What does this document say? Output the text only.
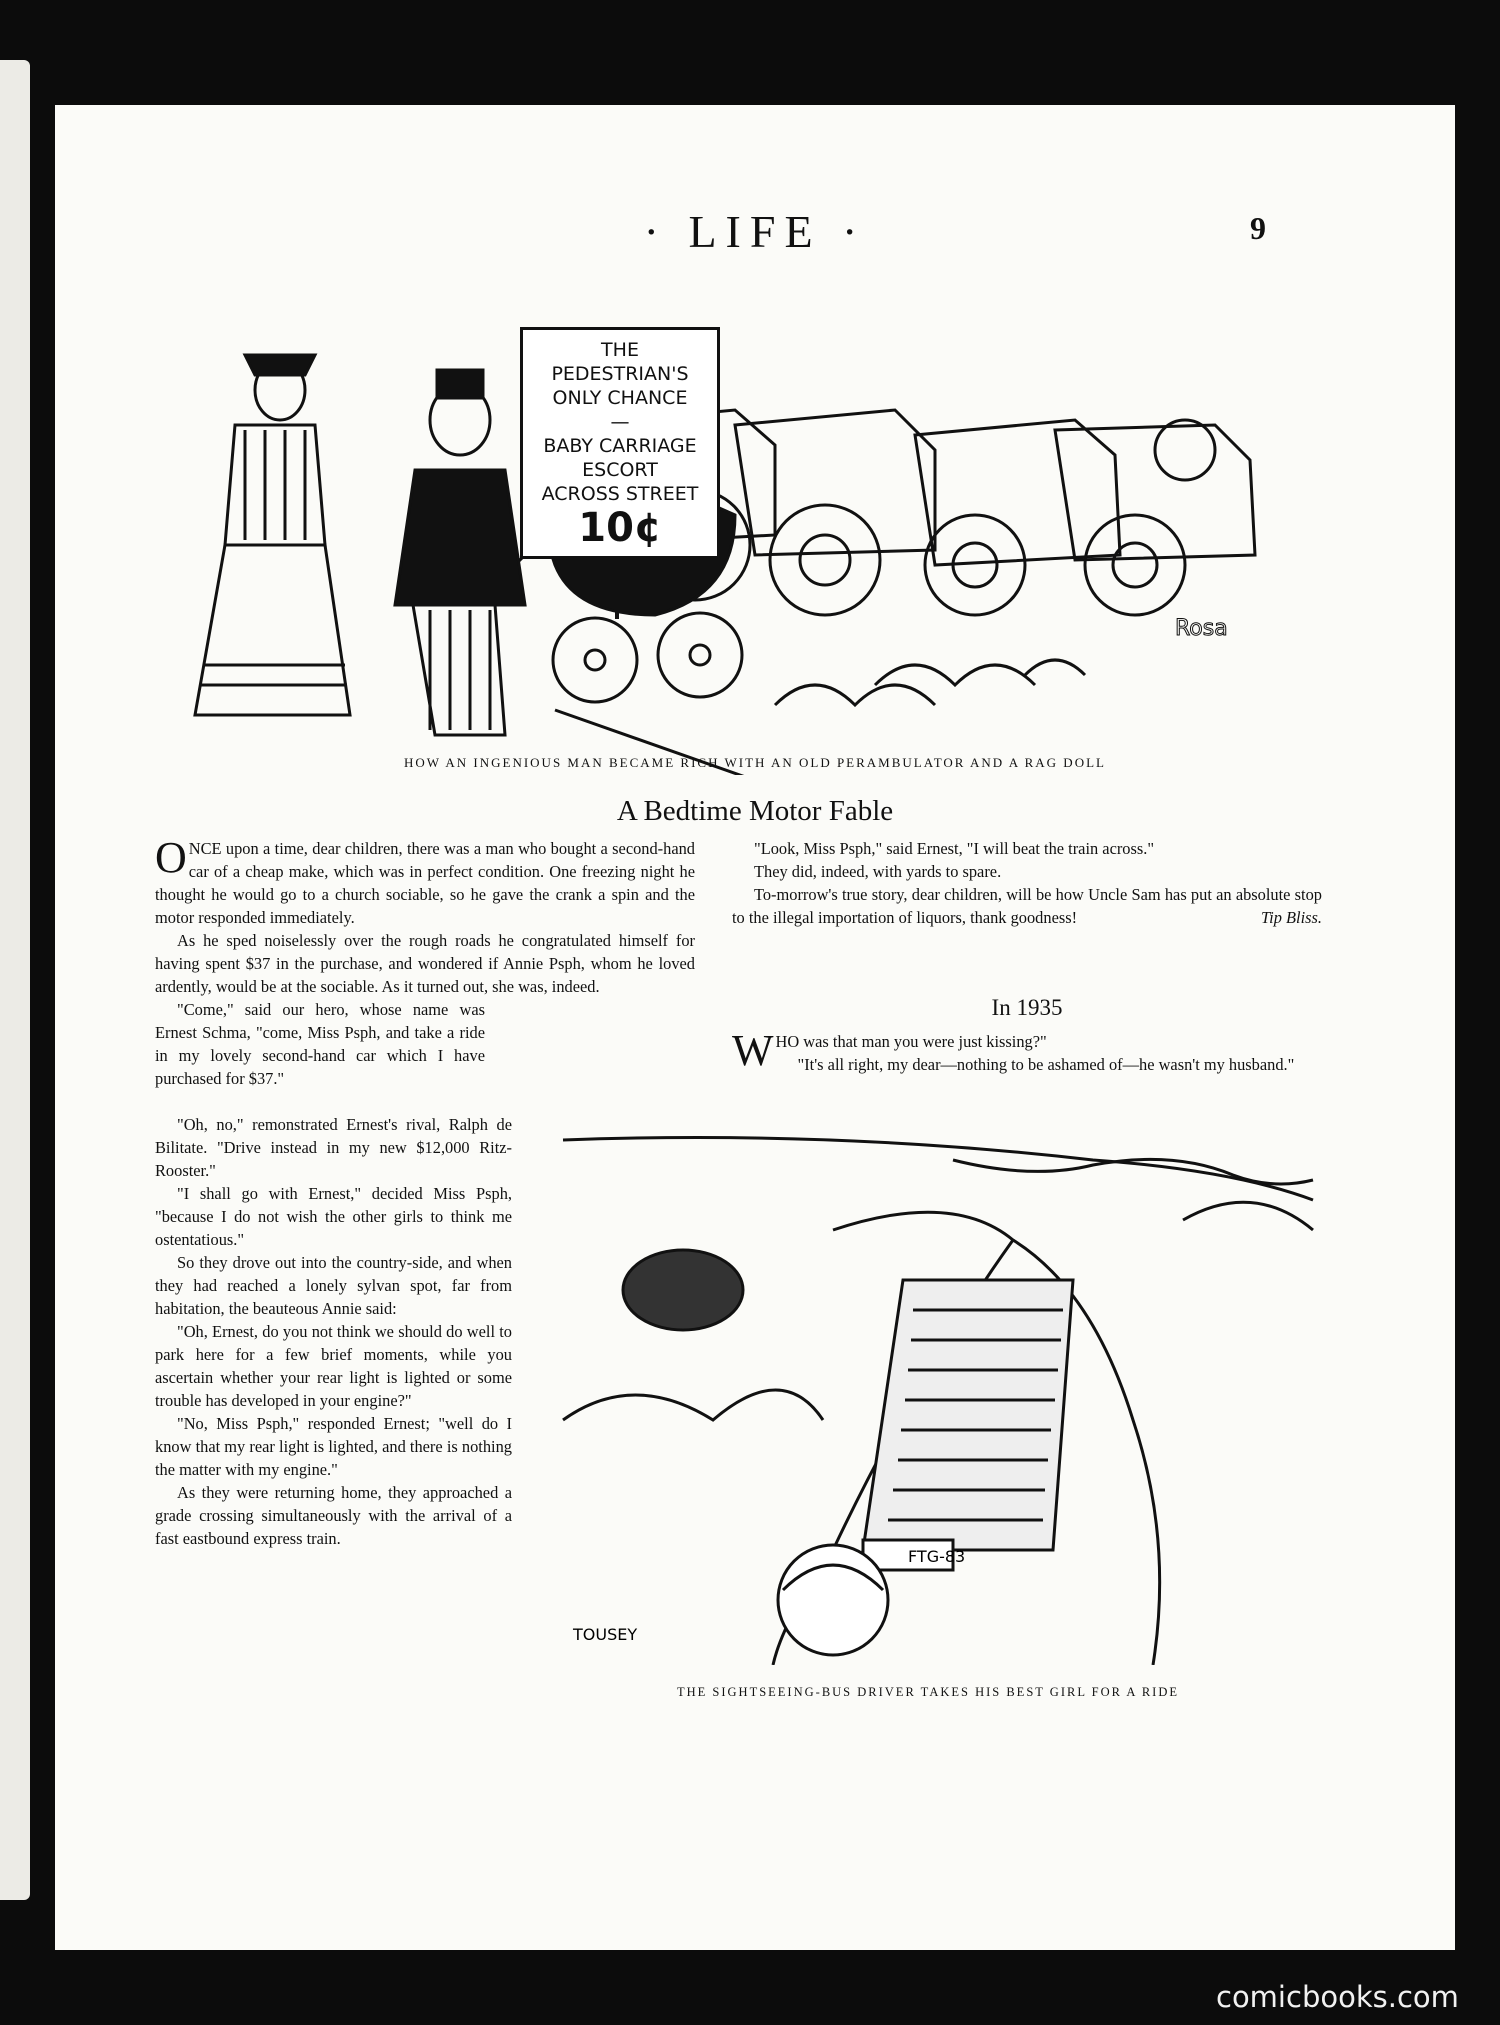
· LIFE ·	9
Rosa
THE
PEDESTRIAN'S
ONLY CHANCE
—
BABY CARRIAGE
ESCORT
ACROSS STREET
10¢
HOW AN INGENIOUS MAN BECAME RICH WITH AN OLD PERAMBULATOR AND A RAG DOLL
A Bedtime Motor Fable

ONCE upon a time, dear children, there was a man who bought a second-hand car of a cheap make, which was in perfect condition. One freezing night he thought he would go to a church sociable, so he gave the crank a spin and the motor responded immediately.

As he sped noiselessly over the rough roads he congratulated himself for having spent $37 in the purchase, and wondered if Annie Psph, whom he loved ardently, would be at the sociable. As it turned out, she was, indeed.

"Come," said our hero, whose name was Ernest Schma, "come, Miss Psph, and take a ride in my lovely second-hand car which I have purchased for $37."

"Oh, no," remonstrated Ernest's rival, Ralph de Bilitate. "Drive instead in my new $12,000 Ritz-Rooster."

"I shall go with Ernest," decided Miss Psph, "because I do not wish the other girls to think me ostentatious."

So they drove out into the country-side, and when they had reached a lonely sylvan spot, far from habitation, the beauteous Annie said:

"Oh, Ernest, do you not think we should do well to park here for a few brief moments, while you ascertain whether your rear light is lighted or some trouble has developed in your engine?"

"No, Miss Psph," responded Ernest; "well do I know that my rear light is lighted, and there is nothing the matter with my engine."

As they were returning home, they approached a grade crossing simultaneously with the arrival of a fast eastbound express train.

"Look, Miss Psph," said Ernest, "I will beat the train across."

They did, indeed, with yards to spare.

To-morrow's true story, dear children, will be how Uncle Sam has put an absolute stop to the illegal importation of liquors, thank goodness!	Tip Bliss.

In 1935

WHO was that man you were just kissing?"

"It's all right, my dear—nothing to be ashamed of—he wasn't my husband."

FTG-83
TOUSEY
THE SIGHTSEEING-BUS DRIVER TAKES HIS BEST GIRL FOR A RIDE
comicbooks.com
